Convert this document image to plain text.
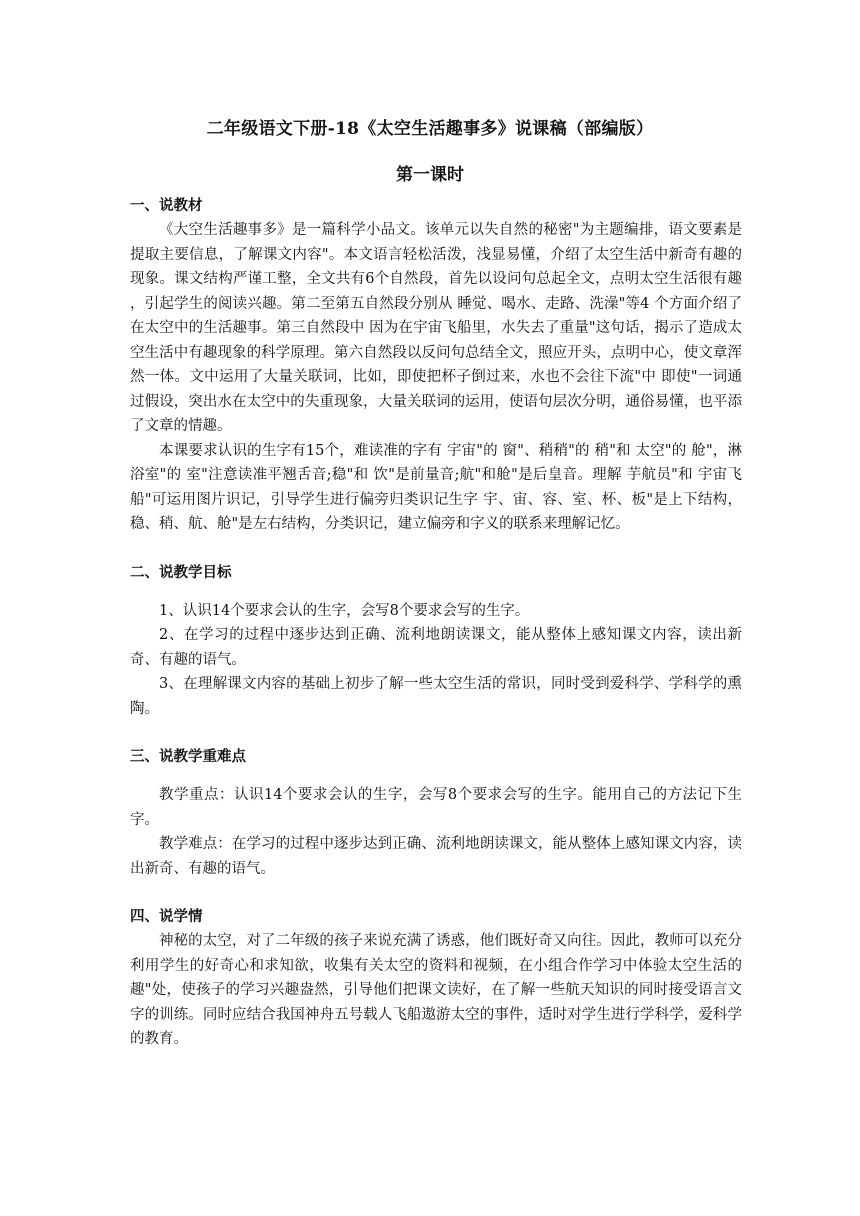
二年级语文下册-18《太空生活趣事多》说课稿（部编版）
第一课时

一、说教材

《大空生活趣事多》是一篇科学小品文。该单元以失自然的秘密"为主题编排，语文要素是 提取主要信息，了解课文内容"。本文语言轻松活泼，浅显易懂，介绍了太空生活中新奇有趣的现象。课文结构严谨工整，全文共有6个自然段，首先以设问句总起全文，点明太空生活很有趣 ，引起学生的阅读兴趣。第二至第五自然段分别从 睡觉、喝水、走路、洗澡"等4 个方面介绍了在太空中的生活趣事。第三自然段中 因为在宇宙飞船里，水失去了重量"这句话，揭示了造成太空生活中有趣现象的科学原理。第六自然段以反问句总结全文，照应开头，点明中心，使文章浑然一体。文中运用了大量关联词，比如，即使把杯子倒过来，水也不会往下流"中 即使"一词通过假设，突出水在太空中的失重现象，大量关联词的运用，使语句层次分明，通俗易懂，也平添了文章的情趣。

本课要求认识的生字有15个，难读准的字有 宇宙"的 窗"、稍稍"的 稍"和 太空"的 舱"，淋浴室"的 室"注意读准平翘舌音;稳"和 饮"是前量音;航"和舱"是后皇音。理解 芋航员"和 宇宙飞船"可运用图片识记，引导学生进行偏旁归类识记生字 宇、宙、容、室、杯、板"是上下结构，稳、稍、航、舱"是左右结构，分类识记，建立偏旁和字义的联系来理解记忆。

二、说教学目标

1、认识14个要求会认的生字，会写8个要求会写的生字。

2、在学习的过程中逐步达到正确、流利地朗读课文，能从整体上感知课文内容，读出新奇、有趣的语气。

3、在理解课文内容的基础上初步了解一些太空生活的常识，同时受到爱科学、学科学的熏陶。

三、说教学重难点

教学重点：认识14个要求会认的生字，会写8个要求会写的生字。能用自己的方法记下生字。

教学难点：在学习的过程中逐步达到正确、流利地朗读课文，能从整体上感知课文内容，读出新奇、有趣的语气。

四、说学情

神秘的太空，对了二年级的孩子来说充满了诱惑，他们既好奇又向往。因此，教师可以充分利用学生的好奇心和求知欲，收集有关太空的资料和视频，在小组合作学习中体验太空生活的 趣"处，使孩子的学习兴趣盎然，引导他们把课文读好，在了解一些航天知识的同时接受语言文字的训练。同时应结合我国神舟五号载人飞船遨游太空的事件，适时对学生进行学科学，爱科学的教育。
